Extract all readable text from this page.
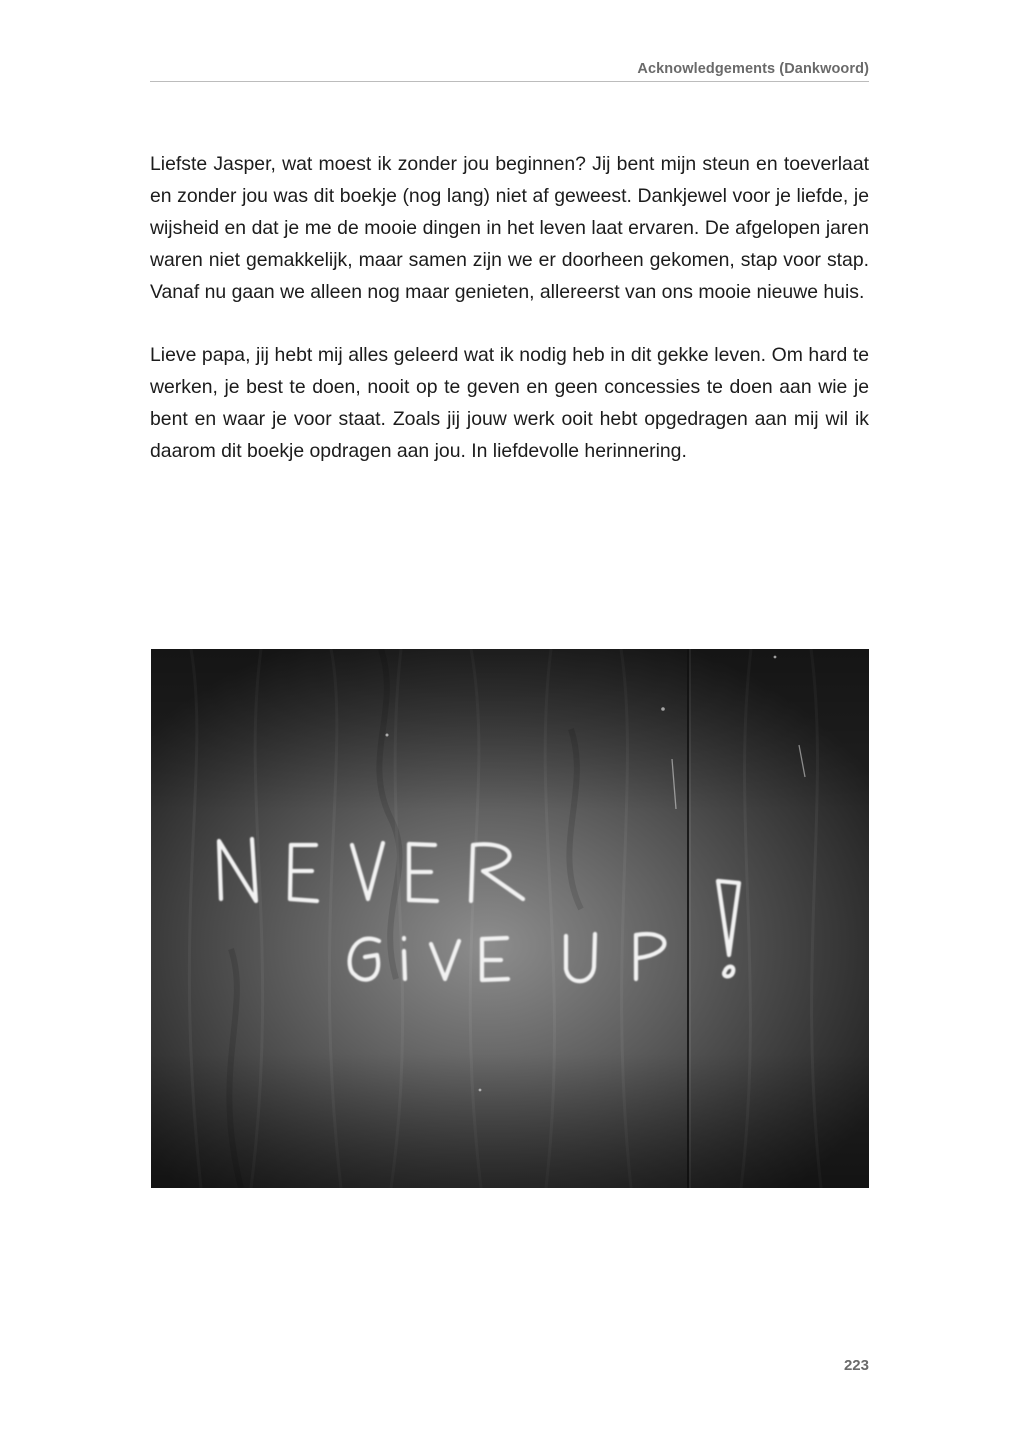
Acknowledgements (Dankwoord)

Liefste Jasper, wat moest ik zonder jou beginnen? Jij bent mijn steun en toeverlaat en zonder jou was dit boekje (nog lang) niet af geweest. Dankjewel voor je liefde, je wijsheid en dat je me de mooie dingen in het leven laat ervaren. De afgelopen jaren waren niet gemakkelijk, maar samen zijn we er doorheen gekomen, stap voor stap. Vanaf nu gaan we alleen nog maar genieten, allereerst van ons mooie nieuwe huis.

Lieve papa, jij hebt mij alles geleerd wat ik nodig heb in dit gekke leven. Om hard te werken, je best te doen, nooit op te geven en geen concessies te doen aan wie je bent en waar je voor staat. Zoals jij jouw werk ooit hebt opgedragen aan mij wil ik daarom dit boekje opdragen aan jou. In liefdevolle herinnering.

223
